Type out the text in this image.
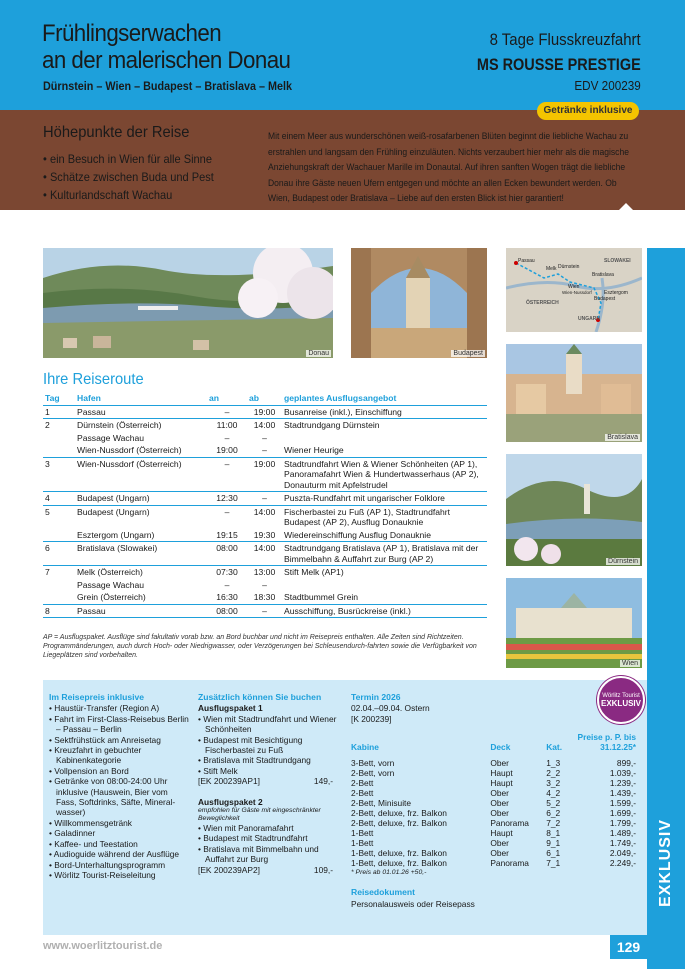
Frühlingserwachen
an der malerischen Donau
Dürnstein – Wien – Budapest – Bratislava – Melk
8 Tage Flusskreuzfahrt
MS ROUSSE PRESTIGE
EDV 200239
Getränke inklusive
Höhepunkte der Reise
• ein Besuch in Wien für alle Sinne
• Schätze zwischen Buda und Pest
• Kulturlandschaft Wachau
Mit einem Meer aus wunderschönen weiß-rosafarbenen Blüten beginnt die liebliche Wachau zu erstrahlen und langsam den Frühling einzuläuten. Nichts verzaubert hier mehr als die magische Anziehungskraft der Wachauer Marille im Donautal. Auf ihren sanften Wogen trägt die liebliche Donau ihre Gäste neuen Ufern entgegen und möchte an allen Ecken bewundert werden. Ob Wien, Budapest oder Bratislava – Liebe auf den ersten Blick ist hier garantiert!
Donau	Budapest
Passau
Melk Dürnstein
Wien
Wien-Nussdorf
Bratislava
Esztergom
Budapest
SLOWAKEI
ÖSTERREICH
UNGARN
Bratislava
Dürnstein
Wien
Ihre Reiseroute
Tag	Hafen	an	ab	geplantes Ausflugsangebot
1	Passau	–	19:00	Busanreise (inkl.), Einschiffung
2	Dürnstein (Österreich)	11:00	14:00	Stadtrundgang Dürnstein
	Passage Wachau	–	–	
	Wien-Nussdorf (Österreich)	19:00	–	Wiener Heurige
3	Wien-Nussdorf (Österreich)	–	19:00	Stadtrundfahrt Wien & Wiener Schönheiten (AP 1), Panoramafahrt Wien & Hundertwasserhaus (AP 2), Donauturm mit Apfelstrudel
4	Budapest (Ungarn)	12:30	–	Puszta-Rundfahrt mit ungarischer Folklore
5	Budapest (Ungarn)	–	14:00	Fischerbastei zu Fuß (AP 1), Stadtrundfahrt Budapest (AP 2), Ausflug Donauknie
	Esztergom (Ungarn)	19:15	19:30	Wiedereinschiffung Ausflug Donauknie
6	Bratislava (Slowakei)	08:00	14:00	Stadtrundgang Bratislava (AP 1), Bratislava mit der Bimmelbahn & Auffahrt zur Burg (AP 2)
7	Melk (Österreich)	07:30	13:00	Stift Melk (AP1)
	Passage Wachau	–	–	
	Grein (Österreich)	16:30	18:30	Stadtbummel Grein
8	Passau	08:00	–	Ausschiffung, Busrückreise (inkl.)
AP = Ausflugspaket. Ausflüge sind fakultativ vorab bzw. an Bord buchbar und nicht im Reisepreis enthalten. Alle Zeiten sind Richtzeiten. Programmänderungen, auch durch Hoch- oder Niedrigwasser, oder Verzögerungen bei Schleusendurch-fahrten sowie die Verfügbarkeit von Liegeplätzen sind vorbehalten.
Im Reisepreis inklusive
• Haustür-Transfer (Region A)
• Fahrt im First-Class-Reisebus Berlin – Passau – Berlin
• Sektfrühstück am Anreisetag
• Kreuzfahrt in gebuchter Kabinenkategorie
• Vollpension an Bord
• Getränke von 08:00-24:00 Uhr inklusive (Hauswein, Bier vom Fass, Softdrinks, Säfte, Mineral-wasser)
• Willkommensgetränk
• Galadinner
• Kaffee- und Teestation
• Audioguide während der Ausflüge
• Bord-Unterhaltungsprogramm
• Wörlitz Tourist-Reiseleitung
Zusätzlich können Sie buchen
Ausflugspaket 1
• Wien mit Stadtrundfahrt und Wiener Schönheiten
• Budapest mit Besichtigung Fischerbastei zu Fuß
• Bratislava mit Stadtrundgang
• Stift Melk
[EK 200239AP1]	149,-
Ausflugspaket 2
empfohlen für Gäste mit eingeschränkter Beweglichkeit
• Wien mit Panoramafahrt
• Budapest mit Stadtrundfahrt
• Bratislava mit Bimmelbahn und Auffahrt zur Burg
[EK 200239AP2]	109,-
Termin 2026
02.04.–09.04. Ostern
[K 200239]
Kabine	Deck	Kat.	Preise p. P. bis 31.12.25*

3-Bett, vorn	Ober	1_3	899,-
2-Bett, vorn	Haupt	2_2	1.039,-
2-Bett	Haupt	3_2	1.239,-
2-Bett	Ober	4_2	1.439,-
2-Bett, Minisuite	Ober	5_2	1.599,-
2-Bett, deluxe, frz. Balkon	Ober	6_2	1.699,-
2-Bett, deluxe, frz. Balkon	Panorama	7_2	1.799,-
1-Bett	Haupt	8_1	1.489,-
1-Bett	Ober	9_1	1.749,-
1-Bett, deluxe, frz. Balkon	Ober	6_1	2.049,-
1-Bett, deluxe, frz. Balkon	Panorama	7_1	2.249,-
* Preis ab 01.01.26 +50,-
Reisedokument
Personalausweis oder Reisepass
Wörlitz Tourist
EXKLUSIV
www.woerlitztourist.de	129
EXKLUSIV
